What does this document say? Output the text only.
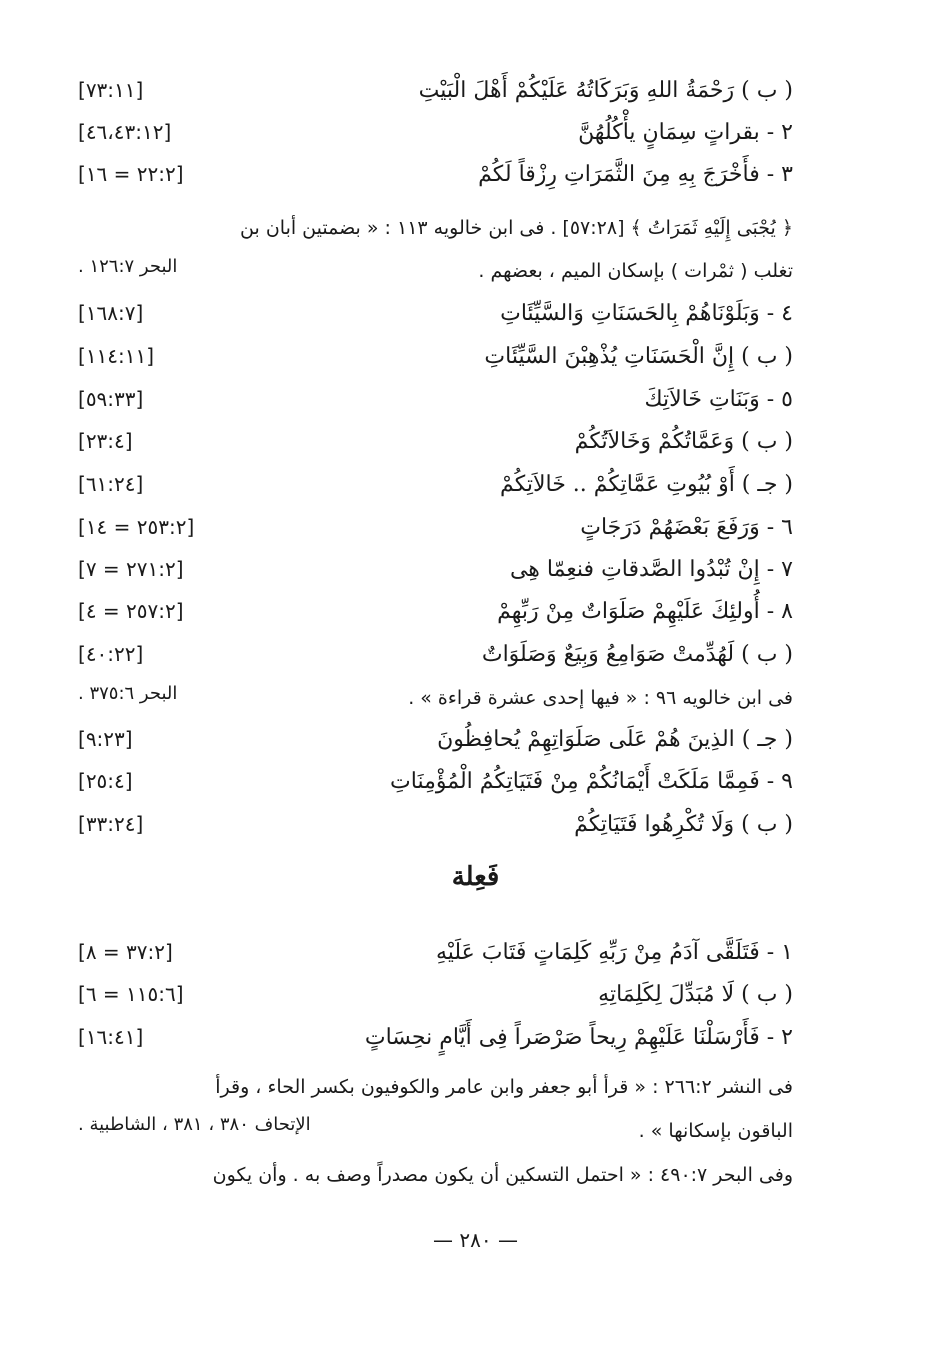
[٧٣:١١]	( ب ) رَحْمَةُ اللهِ وَبَرَكَاتُهُ عَلَيْكُمْ أَهْلَ الْبَيْتِ
[٤٦،٤٣:١٢]	٢ - بقراتٍ سِمَانٍ يأْكُلُهُنَّ
[٢٢:٢ = ١٦]	٣ - فأَخْرَجَ بِهِ مِنَ الثَّمَرَاتِ رِزْقاً لَكُمْ
﴿ يُجْبَى إِلَيْهِ ثَمَرَاتُ ﴾ [٥٧:٢٨] . فى ابن خالويه ١١٣ : « بضمتين أبان بن
تغلب ( ثمْرات ) بإسكان الميم ، بعضهم .
البحر ١٢٦:٧ .
[١٦٨:٧]	٤ - وَبَلَوْنَاهُمْ بِالحَسَنَاتِ وَالسَّيِّئَاتِ
[١١٤:١١]	( ب ) إِنَّ الْحَسَنَاتِ يُذْهِبْنَ السَّيِّئَاتِ
[٥٩:٣٣]	٥ - وَبَنَاتِ خَالاَتِكَ
[٢٣:٤]	( ب ) وَعَمَّاتُكُمْ وَخَالاَتُكُمْ
[٦١:٢٤]	( جـ ) أَوْ بُيُوتِ عَمَّاتِكُمْ .. خَالاَتِكُمْ
[٢٥٣:٢ = ١٤]	٦ - وَرَفَعَ بَعْضَهُمْ دَرَجَاتٍ
[٢٧١:٢ = ٧]	٧ - إِنْ تُبْدُوا الصَّدقاتِ فنعِمّا هِى
[٢٥٧:٢ = ٤]	٨ - أُولئِكَ عَلَيْهِمْ صَلَوَاتٌ مِنْ رَبِّهِمْ
[٤٠:٢٢]	( ب ) لَهُدِّمتْ صَوَامِعُ وَبِيَعٌ وَصَلَوَاتٌ
فى ابن خالويه ٩٦ : « فيها إحدى عشرة قراءة » .
البحر ٣٧٥:٦ .
[٩:٢٣]	( جـ ) الذِينَ هُمْ عَلَى صَلَوَاتِهِمْ يُحافِظُونَ
[٢٥:٤]	٩ - فَمِمَّا مَلَكَتْ أَيْمَانُكُمْ مِنْ فَتَيَاتِكُمُ الْمُؤْمِنَاتِ
[٣٣:٢٤]	( ب ) وَلَا تُكْرِهُوا فَتَيَاتِكُمْ
فَعِلة
[٣٧:٢ = ٨]	١ - فَتَلَقَّى آدَمُ مِنْ رَبِّهِ كَلِمَاتٍ فَتَابَ عَلَيْهِ
[١١٥:٦ = ٦]	( ب ) لَا مُبَدِّلَ لِكَلِمَاتِهِ
[١٦:٤١]	٢ - فَأَرْسَلْنَا عَلَيْهِمْ رِيحاً صَرْصَراً فِى أَيَّامٍ نحِسَاتٍ
فى النشر ٢٦٦:٢ : « قرأ أبو جعفر وابن عامر والكوفيون بكسر الحاء ، وقرأ
الباقون بإسكانها » .
الإتحاف ٣٨٠ ، ٣٨١ ، الشاطبية .
وفى البحر ٤٩٠:٧ : « احتمل التسكين أن يكون مصدراً وصف به . وأن يكون
— ٢٨٠ —
